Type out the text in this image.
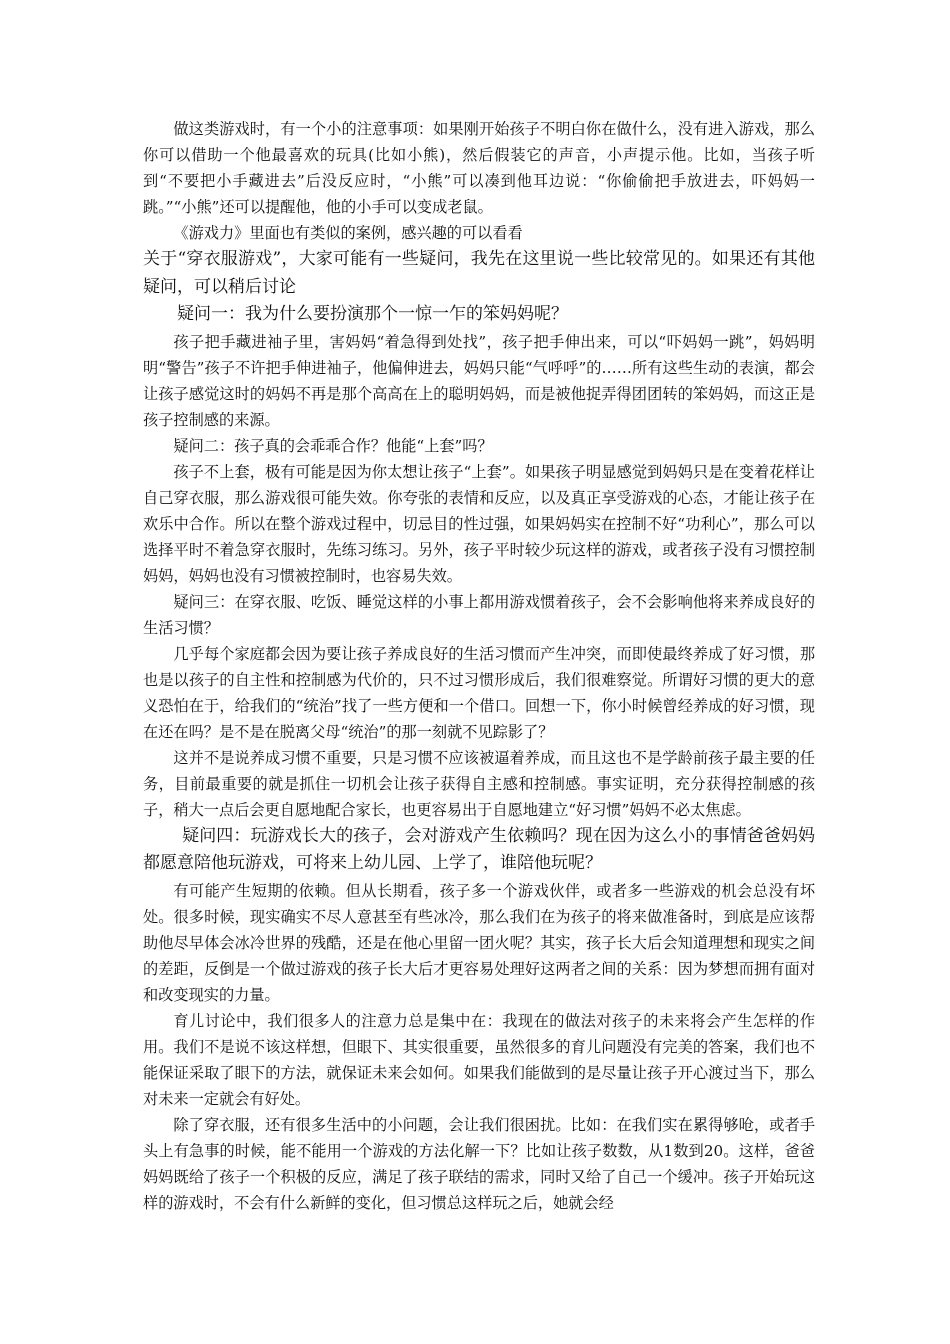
做这类游戏时，有一个小的注意事项：如果刚开始孩子不明白你在做什么，没有进入游戏，那么你可以借助一个他最喜欢的玩具(比如小熊)，然后假装它的声音，小声提示他。比如，当孩子听到“不要把小手藏进去”后没反应时，“小熊”可以凑到他耳边说：“你偷偷把手放进去，吓妈妈一跳。”“小熊”还可以提醒他，他的小手可以变成老鼠。

《游戏力》里面也有类似的案例，感兴趣的可以看看

关于“穿衣服游戏”，大家可能有一些疑问，我先在这里说一些比较常见的。如果还有其他疑问，可以稍后讨论

疑问一：我为什么要扮演那个一惊一乍的笨妈妈呢？

孩子把手藏进袖子里，害妈妈“着急得到处找”，孩子把手伸出来，可以“吓妈妈一跳”，妈妈明明“警告”孩子不许把手伸进袖子，他偏伸进去，妈妈只能“气呼呼”的……所有这些生动的表演，都会让孩子感觉这时的妈妈不再是那个高高在上的聪明妈妈，而是被他捉弄得团团转的笨妈妈，而这正是孩子控制感的来源。

疑问二：孩子真的会乖乖合作？他能“上套”吗？

孩子不上套，极有可能是因为你太想让孩子“上套”。如果孩子明显感觉到妈妈只是在变着花样让自己穿衣服，那么游戏很可能失效。你夸张的表情和反应，以及真正享受游戏的心态，才能让孩子在欢乐中合作。所以在整个游戏过程中，切忌目的性过强，如果妈妈实在控制不好“功利心”，那么可以选择平时不着急穿衣服时，先练习练习。另外，孩子平时较少玩这样的游戏，或者孩子没有习惯控制妈妈，妈妈也没有习惯被控制时，也容易失效。

疑问三：在穿衣服、吃饭、睡觉这样的小事上都用游戏惯着孩子，会不会影响他将来养成良好的生活习惯？

几乎每个家庭都会因为要让孩子养成良好的生活习惯而产生冲突，而即使最终养成了好习惯，那也是以孩子的自主性和控制感为代价的，只不过习惯形成后，我们很难察觉。所谓好习惯的更大的意义恐怕在于，给我们的“统治”找了一些方便和一个借口。回想一下，你小时候曾经养成的好习惯，现在还在吗？是不是在脱离父母“统治”的那一刻就不见踪影了？

这并不是说养成习惯不重要，只是习惯不应该被逼着养成，而且这也不是学龄前孩子最主要的任务，目前最重要的就是抓住一切机会让孩子获得自主感和控制感。事实证明，充分获得控制感的孩子，稍大一点后会更自愿地配合家长，也更容易出于自愿地建立“好习惯”妈妈不必太焦虑。

疑问四：玩游戏长大的孩子，会对游戏产生依赖吗？现在因为这么小的事情爸爸妈妈都愿意陪他玩游戏，可将来上幼儿园、上学了，谁陪他玩呢？

有可能产生短期的依赖。但从长期看，孩子多一个游戏伙伴，或者多一些游戏的机会总没有坏处。很多时候，现实确实不尽人意甚至有些冰冷，那么我们在为孩子的将来做准备时，到底是应该帮助他尽早体会冰冷世界的残酷，还是在他心里留一团火呢？其实，孩子长大后会知道理想和现实之间的差距，反倒是一个做过游戏的孩子长大后才更容易处理好这两者之间的关系：因为梦想而拥有面对和改变现实的力量。

育儿讨论中，我们很多人的注意力总是集中在：我现在的做法对孩子的未来将会产生怎样的作用。我们不是说不该这样想，但眼下、其实很重要，虽然很多的育儿问题没有完美的答案，我们也不能保证采取了眼下的方法，就保证未来会如何。如果我们能做到的是尽量让孩子开心渡过当下，那么对未来一定就会有好处。

除了穿衣服，还有很多生活中的小问题，会让我们很困扰。比如：在我们实在累得够呛，或者手头上有急事的时候，能不能用一个游戏的方法化解一下？比如让孩子数数，从1数到20。这样，爸爸妈妈既给了孩子一个积极的反应，满足了孩子联结的需求，同时又给了自己一个缓冲。孩子开始玩这样的游戏时，不会有什么新鲜的变化，但习惯总这样玩之后，她就会经
